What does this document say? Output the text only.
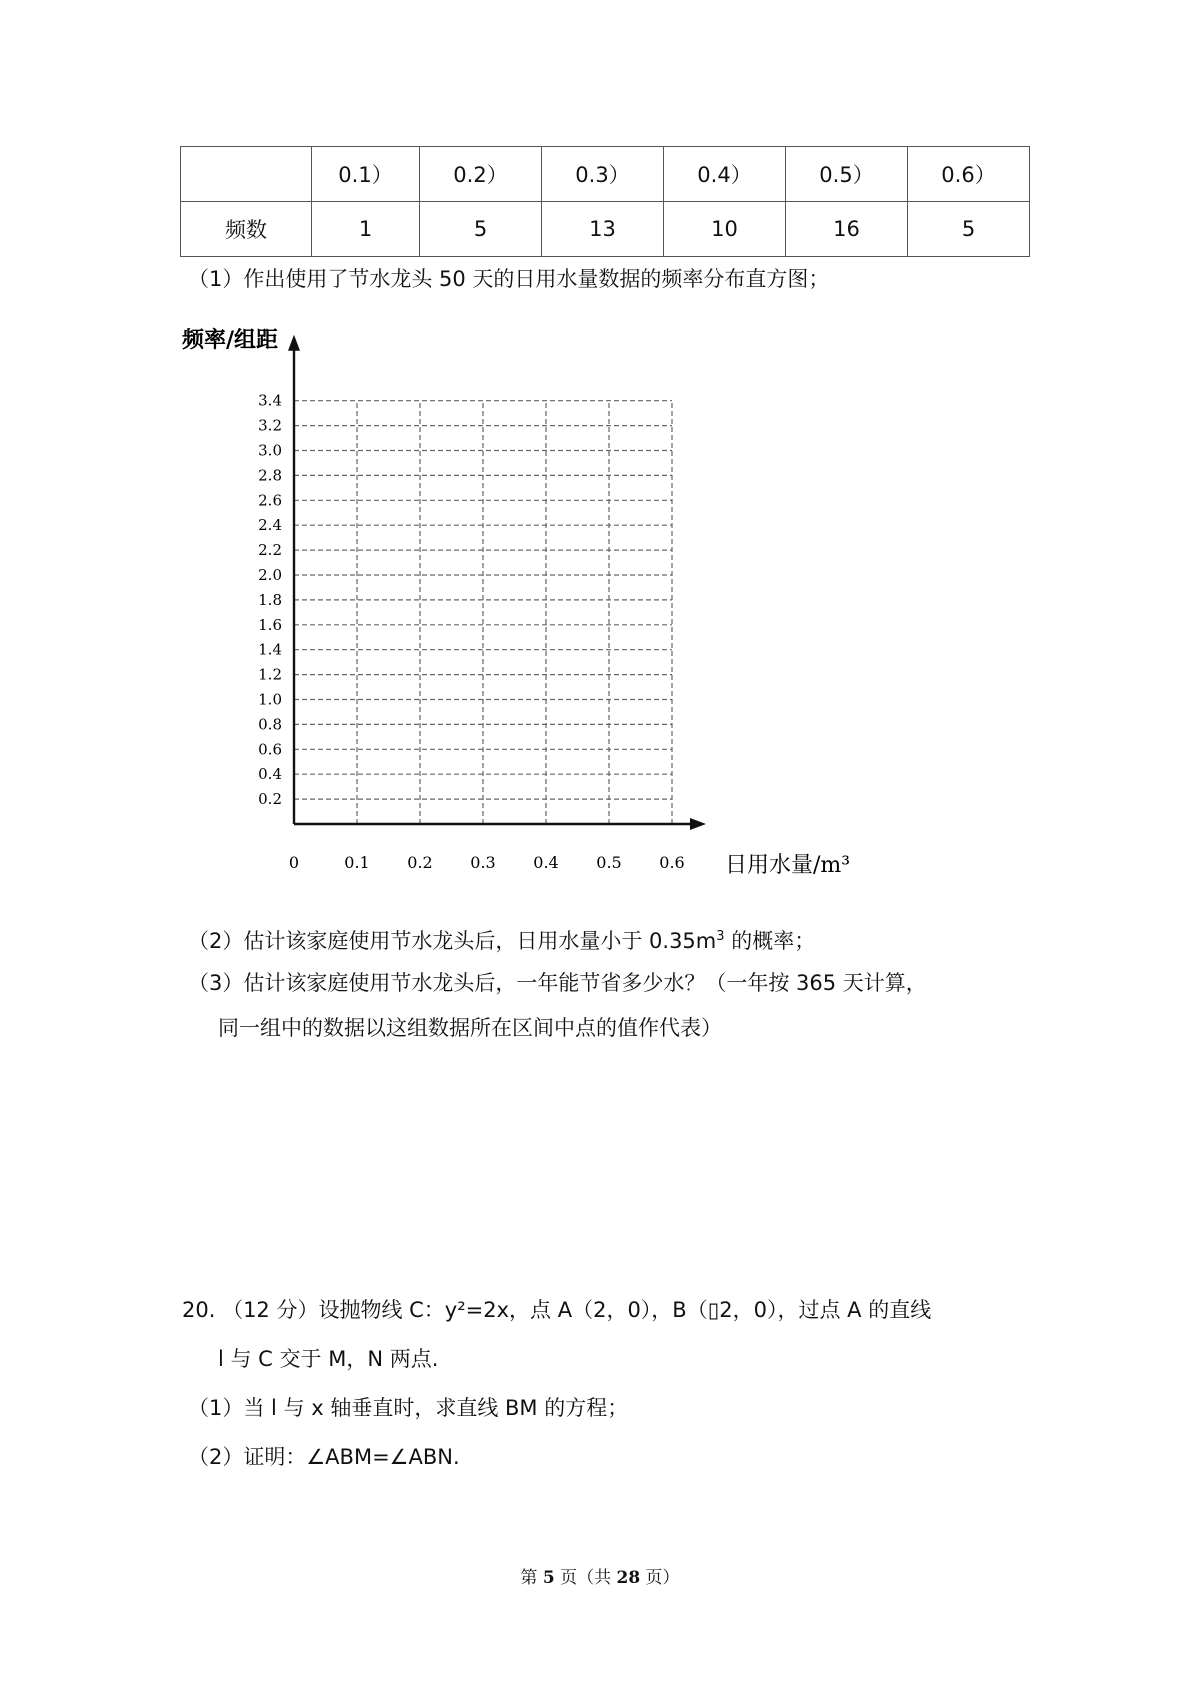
	0.1）	0.2）	0.3）	0.4）	0.5）	0.6）
频数	1	5	13	10	16	5
（1）作出使用了节水龙头 50 天的日用水量数据的频率分布直方图；
0.2
0.4
0.6
0.8
1.0
1.2
1.4
1.6
1.8
2.0
2.2
2.4
2.6
2.8
3.0
3.2
3.4
0.1 0.2 0.3 0.4 0.5 0.6
频率/组距
日用水量/m³
0
（2）估计该家庭使用节水龙头后，日用水量小于 $0.35m^3$ 的概率；
（3）估计该家庭使用节水龙头后，一年能节省多少水？（一年按 365 天计算，
同一组中的数据以这组数据所在区间中点的值作代表）
20. （12 分）设抛物线 C：y²=2x，点 A（2，0），B（▯2，0），过点 A 的直线
l 与 C 交于 M，N 两点.
（1）当 l 与 x 轴垂直时，求直线 BM 的方程；
（2）证明：∠ABM=∠ABN.
第 5 页（共 28 页）
